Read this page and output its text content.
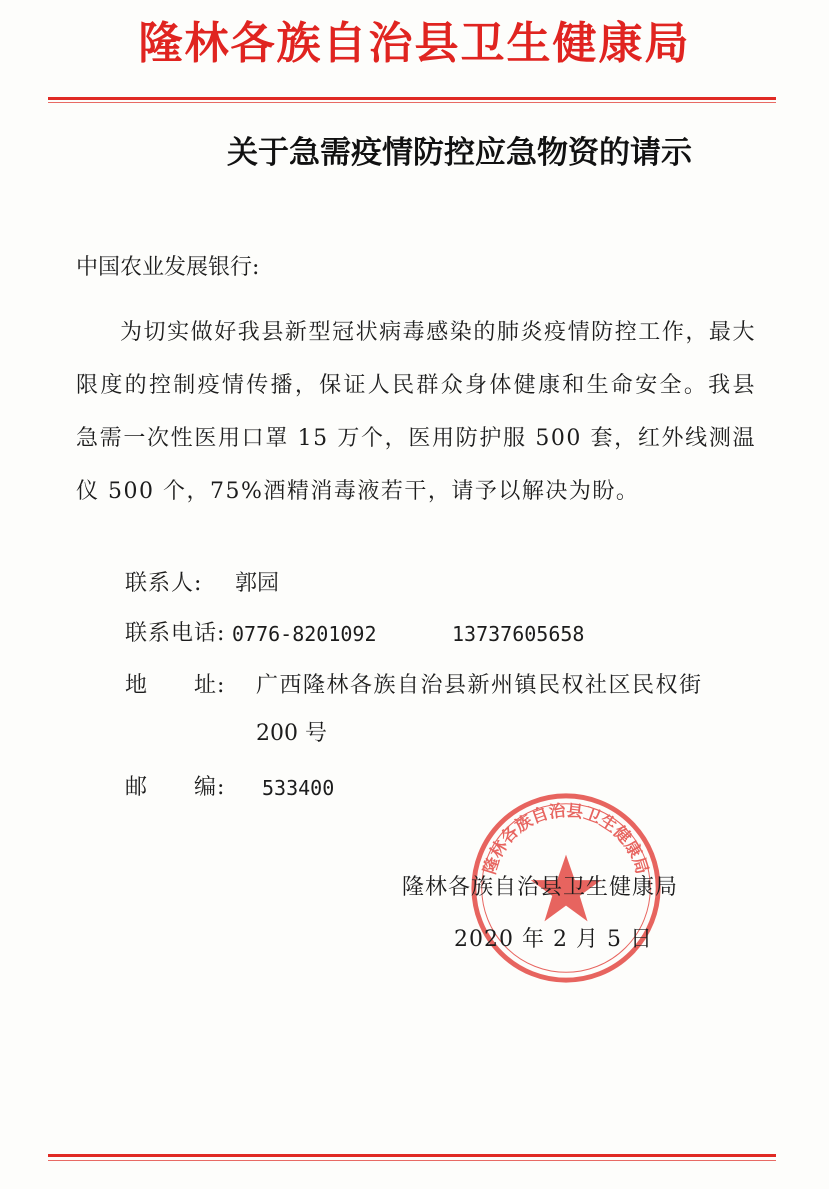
隆林各族自治县卫生健康局
关于急需疫情防控应急物资的请示
中国农业发展银行:
为切实做好我县新型冠状病毒感染的肺炎疫情防控工作，最大限度的控制疫情传播，保证人民群众身体健康和生命安全。我县急需一次性医用口罩 15 万个，医用防护服 500 套，红外线测温仪 500 个，75%酒精消毒液若干，请予以解决为盼。
联系人: 郭园
联系电话: 0776-8201092	13737605658
地　　址: 广西隆林各族自治县新州镇民权社区民权街
200 号
邮　　编: 533400
隆林各族自治县卫生健康局
隆林各族自治县卫生健康局
2020 年 2 月 5 日
